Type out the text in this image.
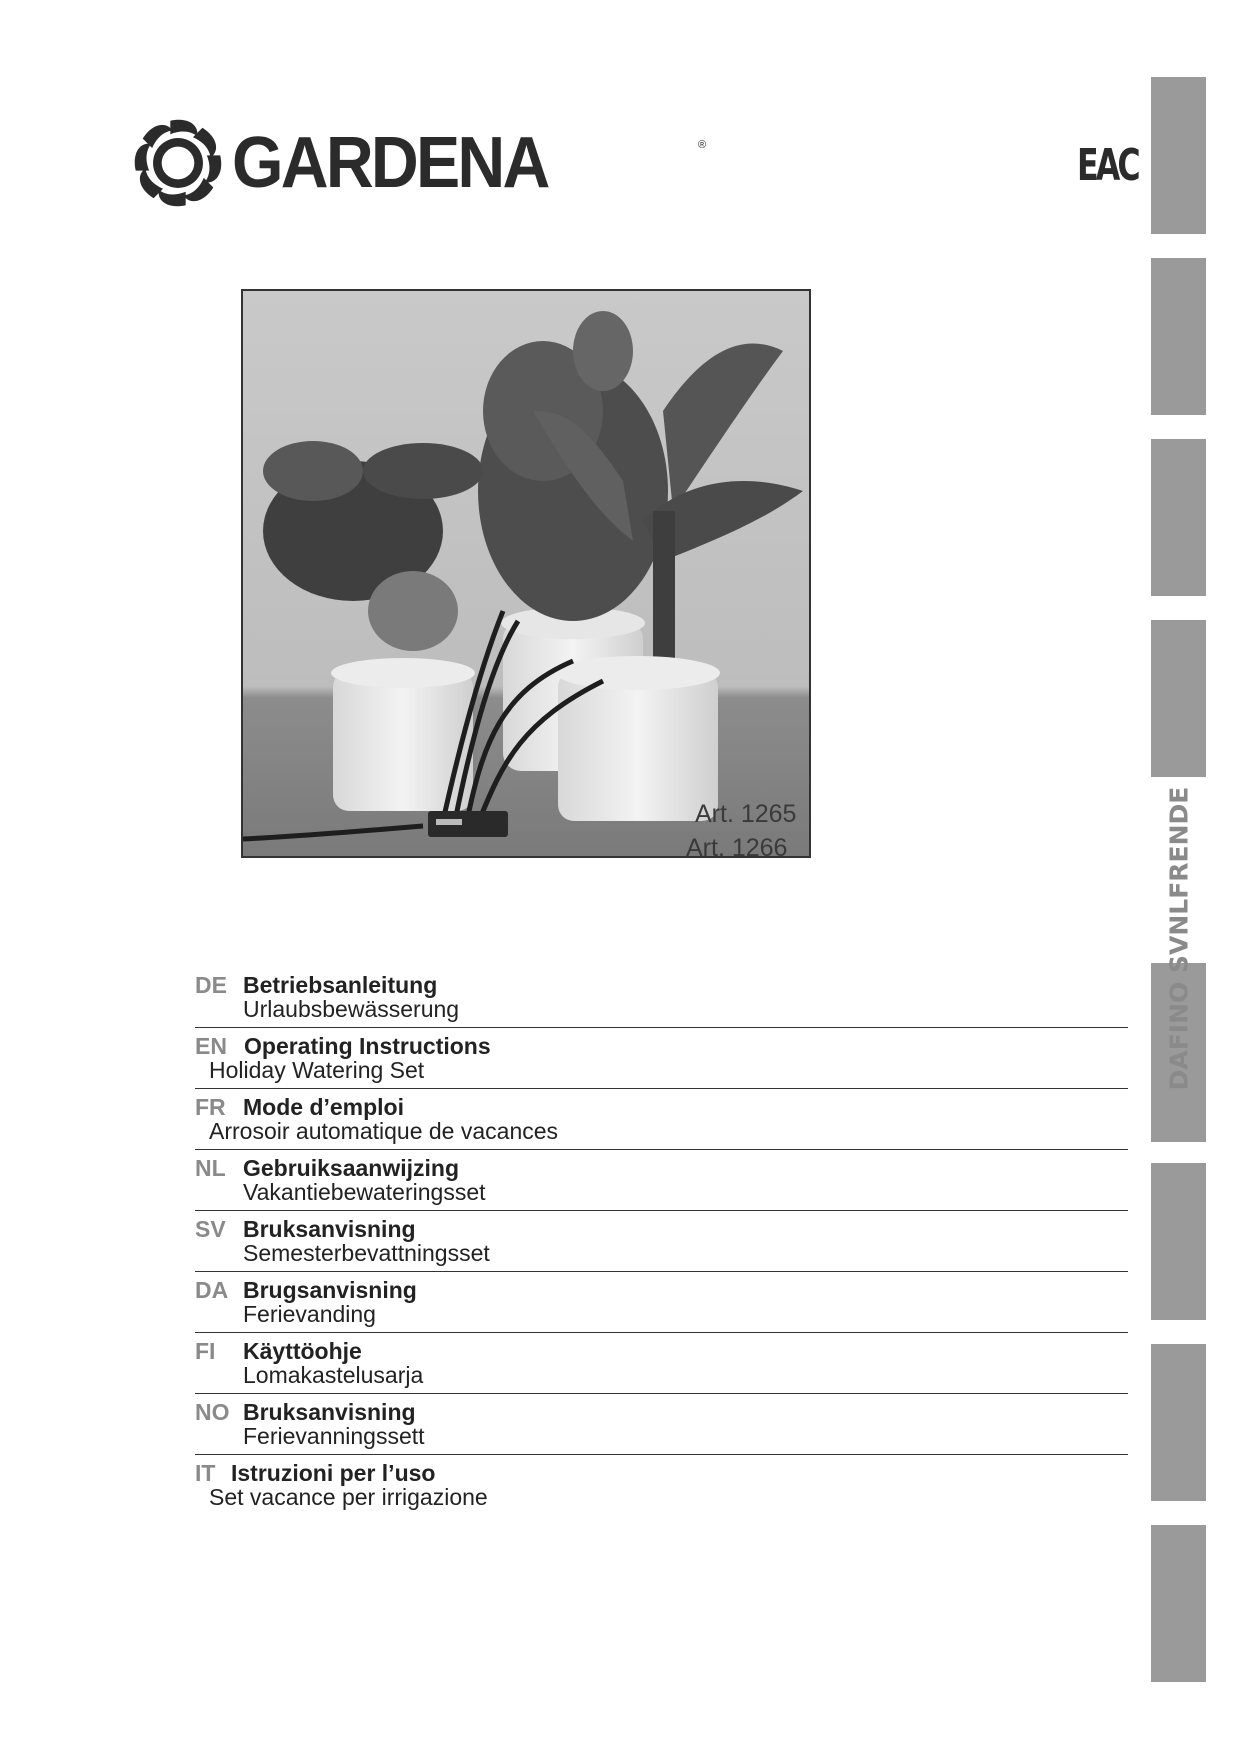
GARDENA	®	EAC
Art. 1265
Art. 1266	DAFINO SVNLFRENDE
DE Betriebsanleitung
Urlaubsbewässerung
EN Operating Instructions
Holiday Watering Set
FR Mode d’emploi
Arrosoir automatique de vacances
NL Gebruiksaanwijzing
Vakantiebewateringsset
SV Bruksanvisning
Semesterbevattningsset
DA Brugsanvisning
Ferievanding
FI Käyttöohje
Lomakastelusarja
NO Bruksanvisning
Ferievanningssett
IT Istruzioni per l’uso
Set vacance per irrigazione
